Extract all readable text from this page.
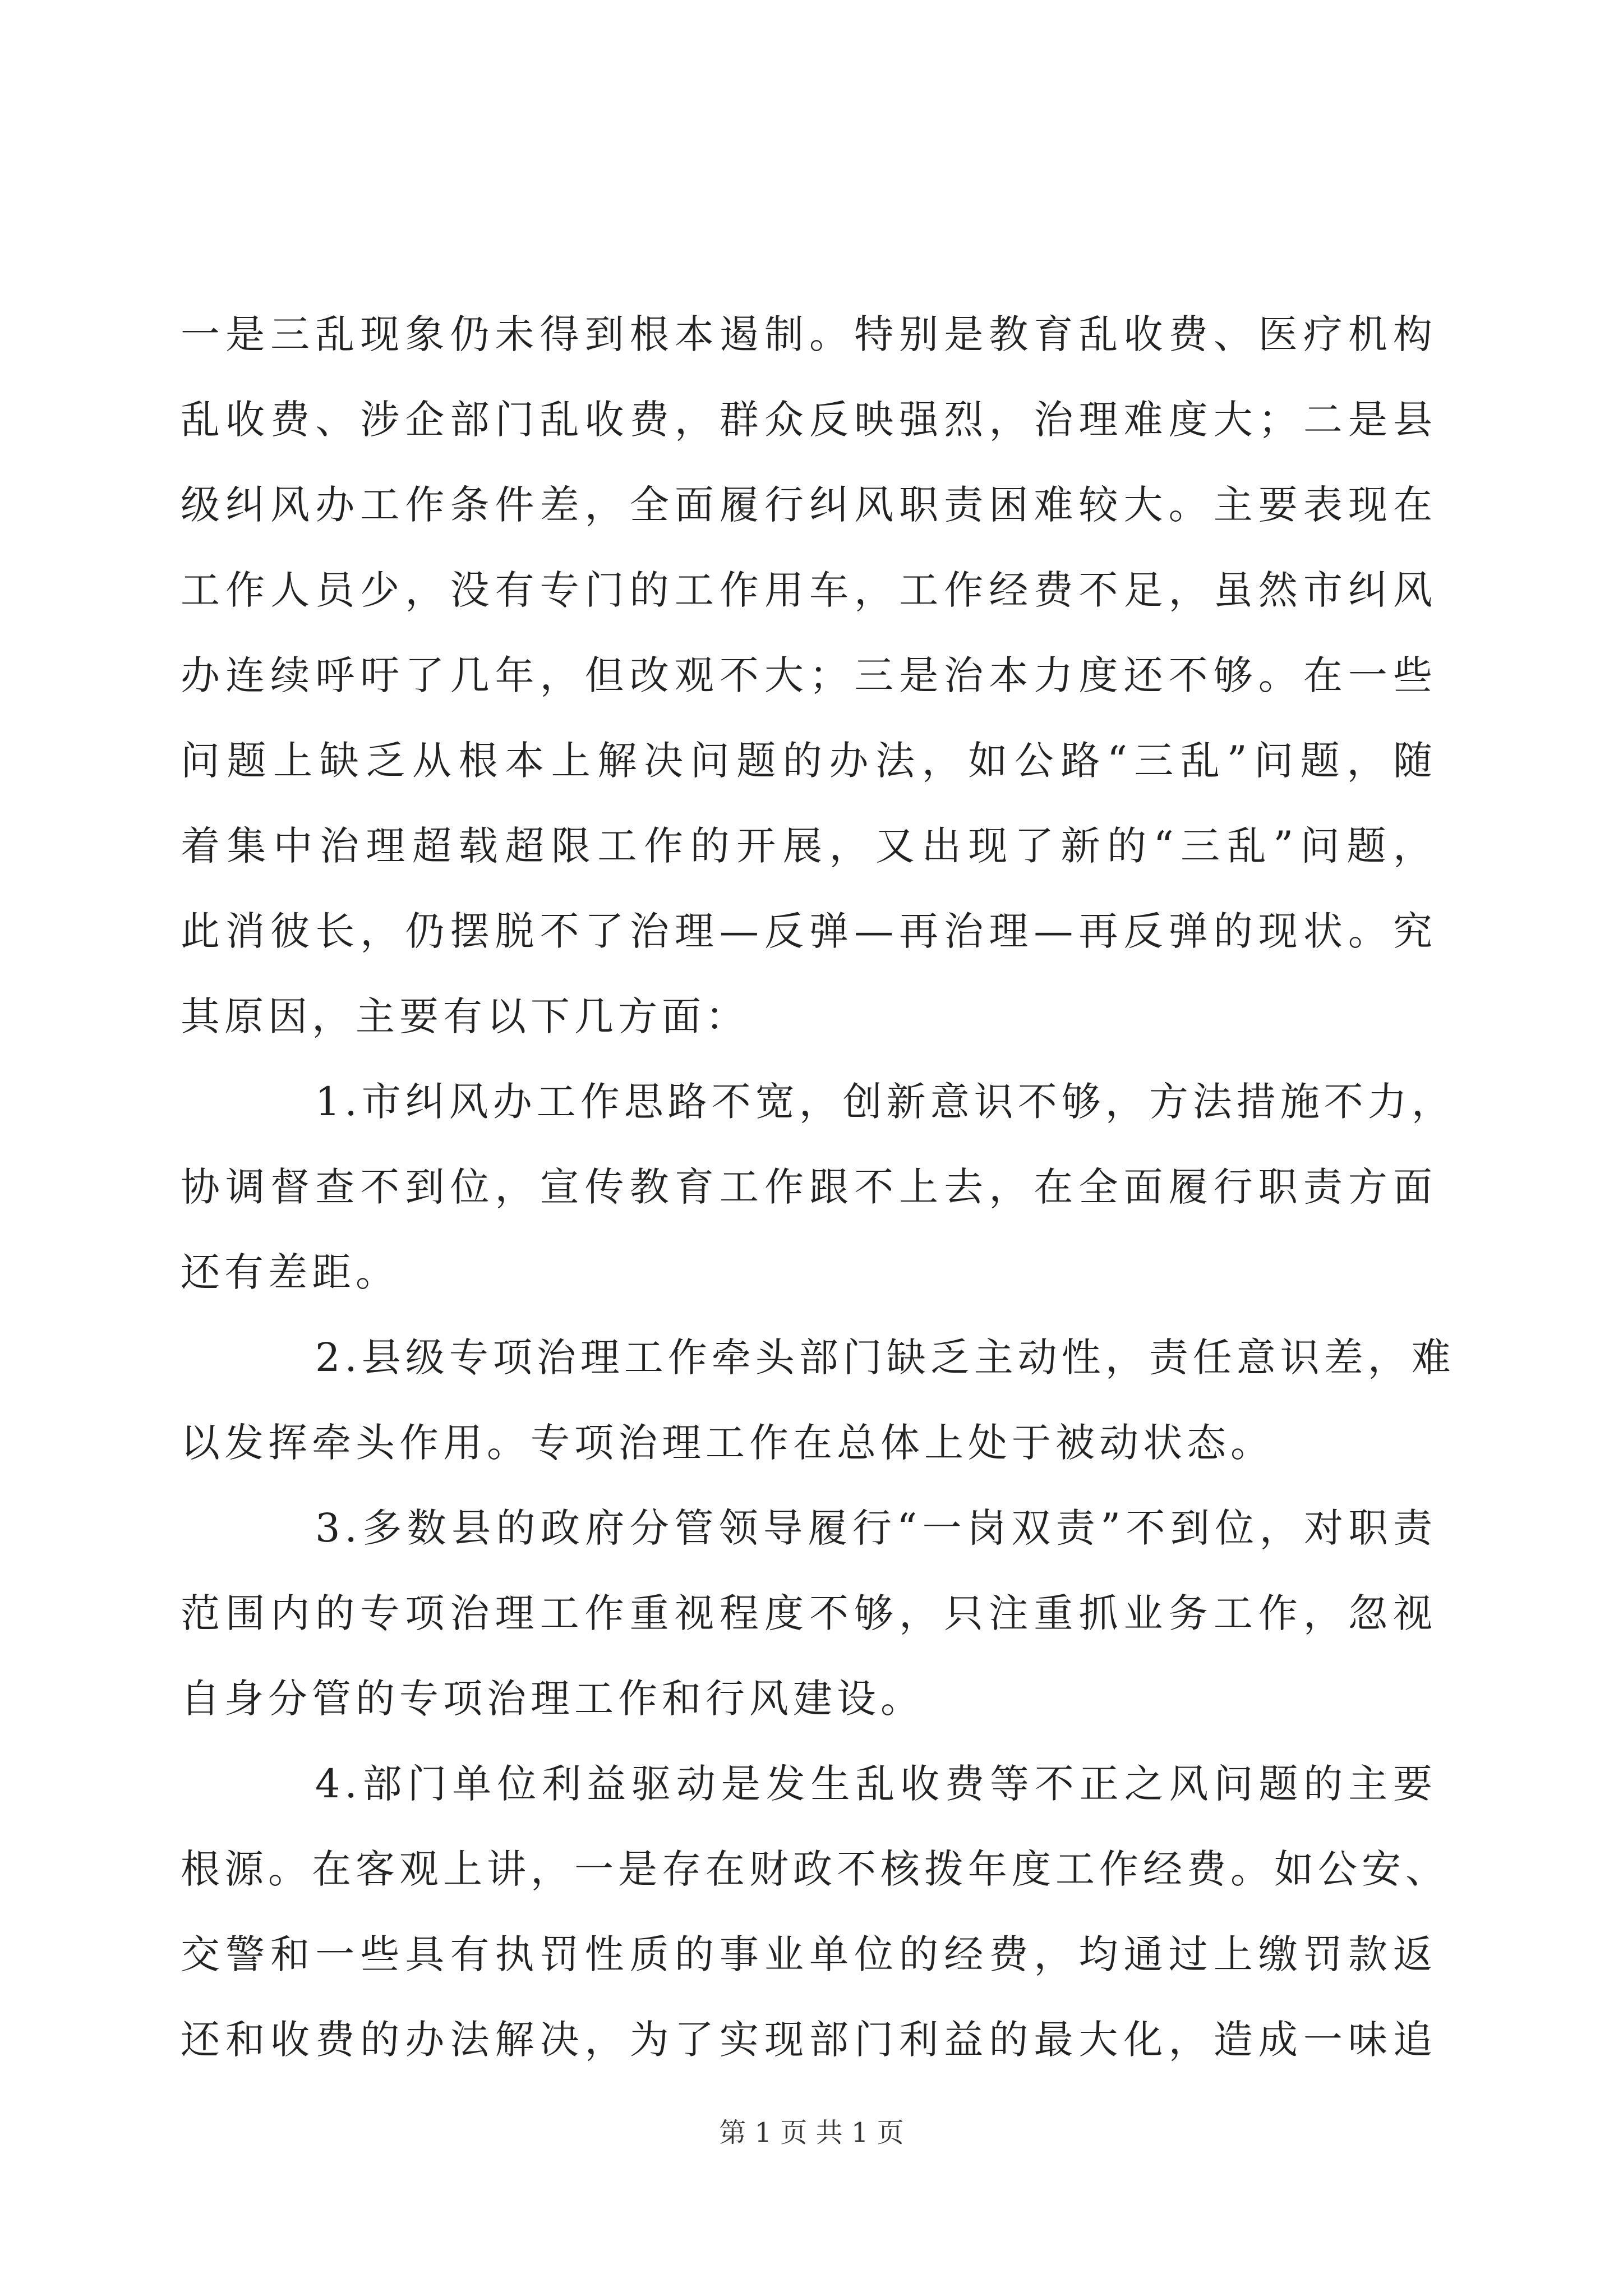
一是三乱现象仍未得到根本遏制。特别是教育乱收费、医疗机构
乱收费、涉企部门乱收费，群众反映强烈，治理难度大；二是县
级纠风办工作条件差，全面履行纠风职责困难较大。主要表现在
工作人员少，没有专门的工作用车，工作经费不足，虽然市纠风
办连续呼吁了几年，但改观不大；三是治本力度还不够。在一些
问题上缺乏从根本上解决问题的办法，如公路“三乱”问题，随
着集中治理超载超限工作的开展，又出现了新的“三乱”问题，
此消彼长，仍摆脱不了治理—反弹—再治理—再反弹的现状。究
其原因，主要有以下几方面：
1.市纠风办工作思路不宽，创新意识不够，方法措施不力，
协调督查不到位，宣传教育工作跟不上去，在全面履行职责方面
还有差距。
2.县级专项治理工作牵头部门缺乏主动性，责任意识差，难
以发挥牵头作用。专项治理工作在总体上处于被动状态。
3.多数县的政府分管领导履行“一岗双责”不到位，对职责
范围内的专项治理工作重视程度不够，只注重抓业务工作，忽视
自身分管的专项治理工作和行风建设。
4.部门单位利益驱动是发生乱收费等不正之风问题的主要
根源。在客观上讲，一是存在财政不核拨年度工作经费。如公安、
交警和一些具有执罚性质的事业单位的经费，均通过上缴罚款返
还和收费的办法解决，为了实现部门利益的最大化，造成一味追
第 1 页 共 1 页
